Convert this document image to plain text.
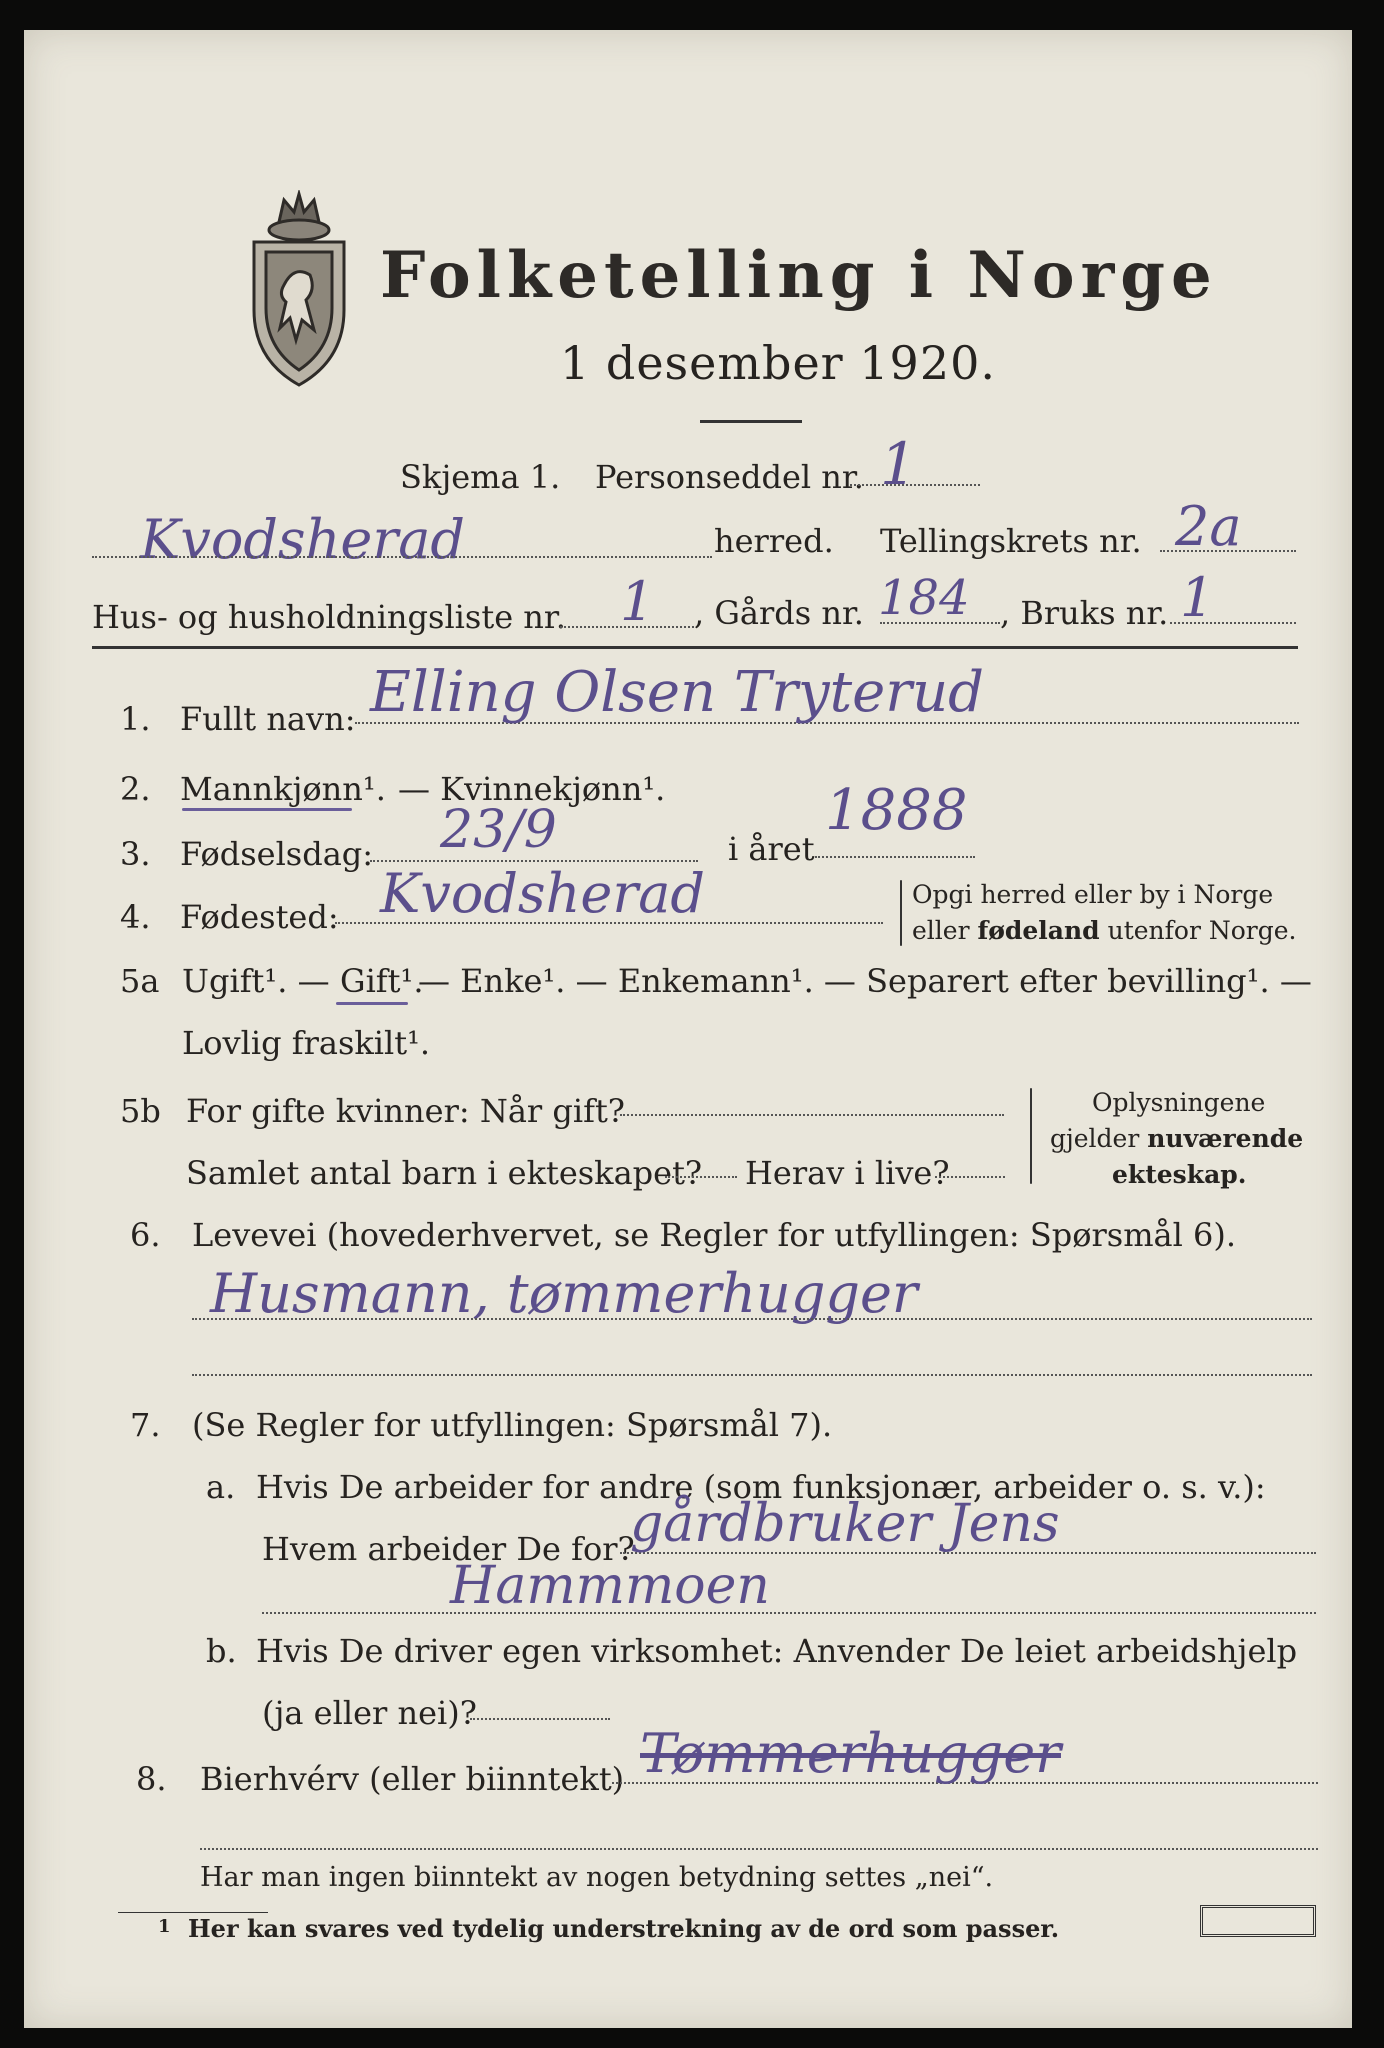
Folketelling i Norge
1 desember 1920.
Skjema 1. Personseddel nr. 1
Kvodsherad	herred. Tellingskrets nr. 2a
Hus- og husholdningsliste nr. 1 , Gårds nr. 184 , Bruks nr. 1
1. Fullt navn: Elling Olsen Tryterud
2. Mannkjønn¹. — Kvinnekjønn¹.
3. Fødselsdag: 23/9	i året
1888
4. Fødested: Kvodsherad	Opgi herred eller by i Norge
eller fødeland utenfor Norge.
5a Ugift¹. — Gift¹.
— Enke¹. — Enkemann¹. — Separert efter bevilling¹. —
Lovlig fraskilt¹.
5b For gifte kvinner: Når gift?
Samlet antal barn i ekteskapet? Herav i live?
Oplysningene
gjelder nuværende
ekteskap.
6. Levevei (hovederhvervet, se Regler for utfyllingen: Spørsmål 6).
Husmann, tømmerhugger
7. (Se Regler for utfyllingen: Spørsmål 7).
a. Hvis De arbeider for andre (som funksjonær, arbeider o. s. v.):
Hvem arbeider De for?
gårdbruker Jens
Hammmoen
b. Hvis De driver egen virksomhet: Anvender De leiet arbeidshjelp
(ja eller nei)?
8. Bierhvérv (eller biinntekt) Tømmerhugger
Har man ingen biinntekt av nogen betydning settes „nei“.
1 Her kan svares ved tydelig understrekning av de ord som passer.
